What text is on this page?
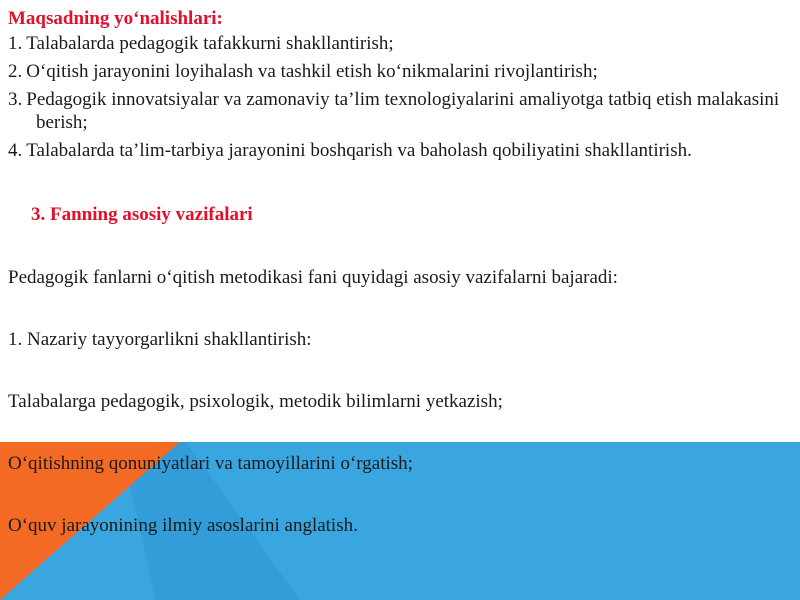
Maqsadning yo‘nalishlari:

1. Talabalarda pedagogik tafakkurni shakllantirish;
2. O‘qitish jarayonini loyihalash va tashkil etish ko‘nikmalarini rivojlantirish;
3. Pedagogik innovatsiyalar va zamonaviy ta’lim texnologiyalarini amaliyotga tatbiq etish malakasini berish;
4. Talabalarda ta’lim-tarbiya jarayonini boshqarish va baholash qobiliyatini shakllantirish.

3. Fanning asosiy vazifalari

Pedagogik fanlarni o‘qitish metodikasi fani quyidagi asosiy vazifalarni bajaradi:

1. Nazariy tayyorgarlikni shakllantirish:

Talabalarga pedagogik, psixologik, metodik bilimlarni yetkazish;

O‘qitishning qonuniyatlari va tamoyillarini o‘rgatish;

O‘quv jarayonining ilmiy asoslarini anglatish.
